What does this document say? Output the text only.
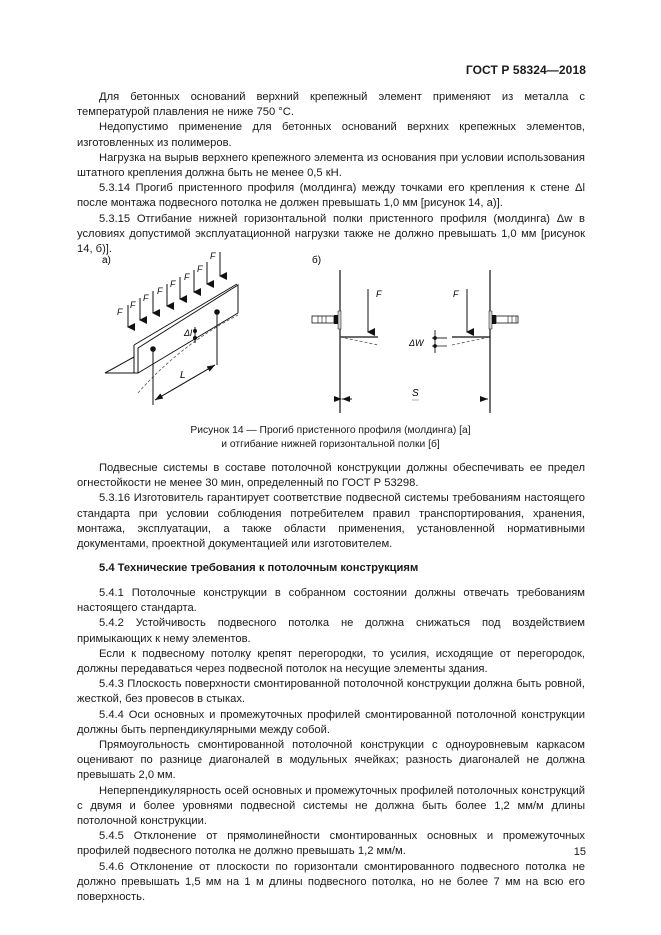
ГОСТ Р 58324—2018

Для бетонных оснований верхний крепежный элемент применяют из металла с температурой плавления не ниже 750 °С.

Недопустимо применение для бетонных оснований верхних крепежных элементов, изготовленных из полимеров.

Нагрузка на вырыв верхнего крепежного элемента из основания при условии использования штатного крепления должна быть не менее 0,5 кН.

5.3.14 Прогиб пристенного профиля (молдинга) между точками его крепления к стене Δl после монтажа подвесного потолка не должен превышать 1,0 мм [рисунок 14, а)].

5.3.15 Отгибание нижней горизонтальной полки пристенного профиля (молдинга) Δw в условиях допустимой эксплуатационной нагрузки также не должно превышать 1,0 мм [рисунок 14, б)].

а)
F
F
F
F
F
F
F
F
Δl
L
б)
F	F
ΔW
S
Рисунок 14 — Прогиб пристенного профиля (молдинга) [а]
и отгибание нижней горизонтальной полки [б]

Подвесные системы в составе потолочной конструкции должны обеспечивать ее предел огнестойкости не менее 30 мин, определенный по ГОСТ Р 53298.

5.3.16 Изготовитель гарантирует соответствие подвесной системы требованиям настоящего стандарта при условии соблюдения потребителем правил транспортирования, хранения, монтажа, эксплуатации, а также области применения, установленной нормативными документами, проектной документацией или изготовителем.

5.4 Технические требования к потолочным конструкциям

5.4.1 Потолочные конструкции в собранном состоянии должны отвечать требованиям настоящего стандарта.

5.4.2 Устойчивость подвесного потолка не должна снижаться под воздействием примыкающих к нему элементов.

Если к подвесному потолку крепят перегородки, то усилия, исходящие от перегородок, должны передаваться через подвесной потолок на несущие элементы здания.

5.4.3 Плоскость поверхности смонтированной потолочной конструкции должна быть ровной, жесткой, без провесов в стыках.

5.4.4 Оси основных и промежуточных профилей смонтированной потолочной конструкции должны быть перпендикулярными между собой.

Прямоугольность смонтированной потолочной конструкции с одноуровневым каркасом оценивают по разнице диагоналей в модульных ячейках; разность диагоналей не должна превышать 2,0 мм.

Неперпендикулярность осей основных и промежуточных профилей потолочных конструкций с двумя и более уровнями подвесной системы не должна быть более 1,2 мм/м длины потолочной конструкции.

5.4.5 Отклонение от прямолинейности смонтированных основных и промежуточных профилей подвесного потолка не должно превышать 1,2 мм/м.

5.4.6 Отклонение от плоскости по горизонтали смонтированного подвесного потолка не должно превышать 1,5 мм на 1 м длины подвесного потолка, но не более 7 мм на всю его поверхность.

15
